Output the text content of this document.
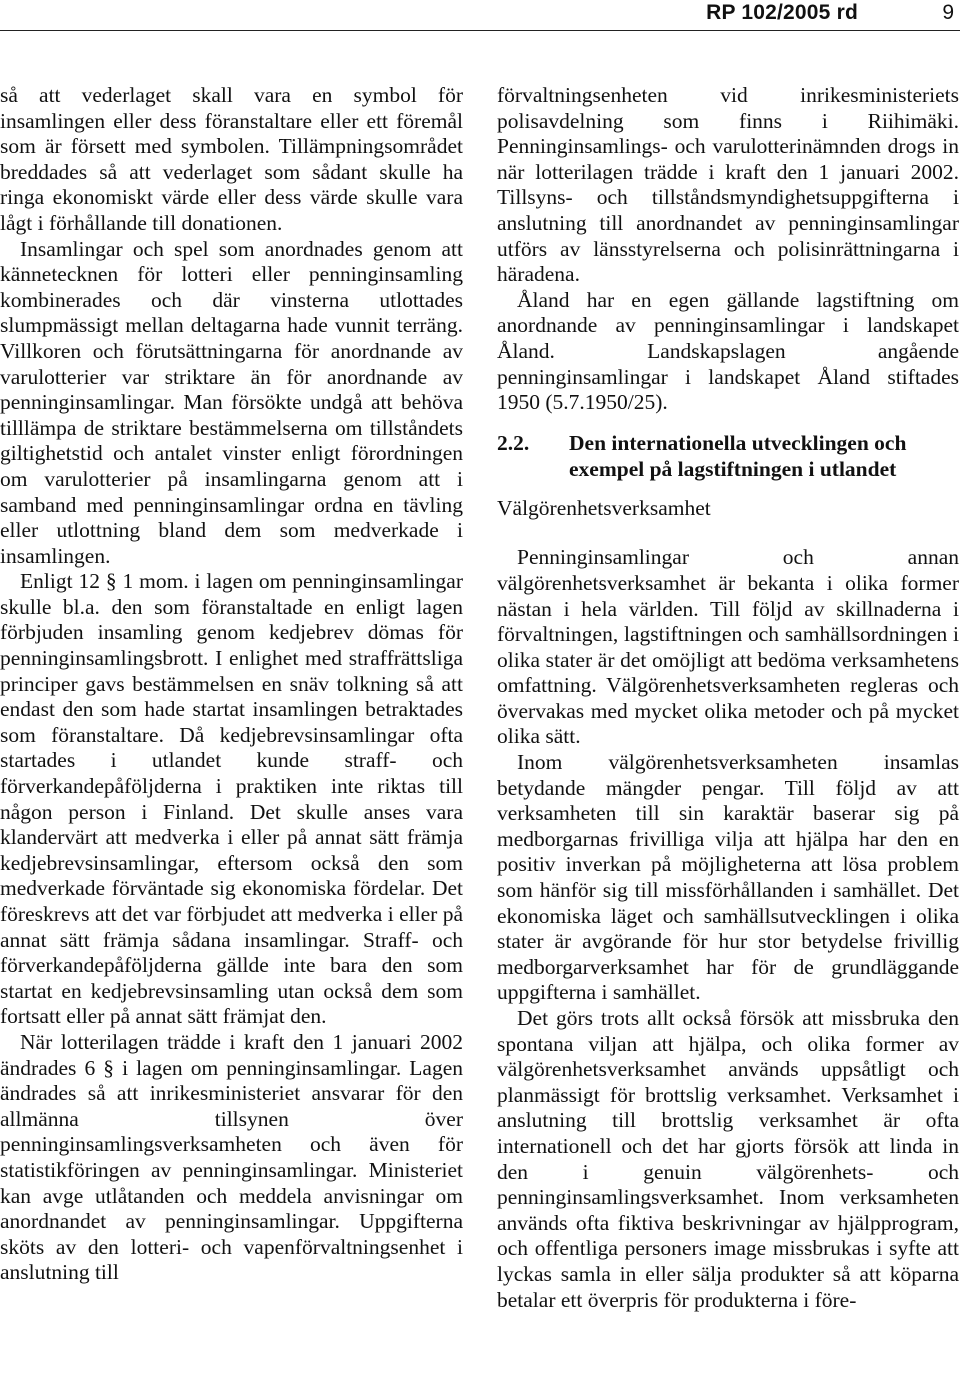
RP 102/2005 rd	9

så att vederlaget skall vara en symbol för insamlingen eller dess föranstaltare eller ett föremål som är försett med symbolen. Tillämpningsområdet breddades så att vederlaget som sådant skulle ha ringa ekonomiskt värde eller dess värde skulle vara lågt i förhållande till donationen.

Insamlingar och spel som anordnades genom att kännetecknen för lotteri eller penninginsamling kombinerades och där vinsterna utlottades slumpmässigt mellan deltagarna hade vunnit terräng. Villkoren och förutsättningarna för anordnande av varulotterier var striktare än för anordnande av penninginsamlingar. Man försökte undgå att behöva tilllämpa de striktare bestämmelserna om tillståndets giltighetstid och antalet vinster enligt förordningen om varulotterier på insamlingarna genom att i samband med penninginsamlingar ordna en tävling eller utlottning bland dem som medverkade i insamlingen.

Enligt 12 § 1 mom. i lagen om penninginsamlingar skulle bl.a. den som föranstaltade en enligt lagen förbjuden insamling genom kedjebrev dömas för penninginsamlingsbrott. I enlighet med straffrättsliga principer gavs bestämmelsen en snäv tolkning så att endast den som hade startat insamlingen betraktades som föranstaltare. Då kedjebrevsinsamlingar ofta startades i utlandet kunde straff- och förverkandepåföljderna i praktiken inte riktas till någon person i Finland. Det skulle anses vara klandervärt att medverka i eller på annat sätt främja kedjebrevsinsamlingar, eftersom också den som medverkade förväntade sig ekonomiska fördelar. Det föreskrevs att det var förbjudet att medverka i eller på annat sätt främja sådana insamlingar. Straff- och förverkandepåföljderna gällde inte bara den som startat en kedjebrevsinsamling utan också dem som fortsatt eller på annat sätt främjat den.

När lotterilagen trädde i kraft den 1 januari 2002 ändrades 6 § i lagen om penninginsamlingar. Lagen ändrades så att inrikesministeriet ansvarar för den allmänna tillsynen över penninginsamlingsverksamheten och även för statistikföringen av penninginsamlingar. Ministeriet kan avge utlåtanden och meddela anvisningar om anordnandet av penninginsamlingar. Uppgifterna sköts av den lotteri- och vapenförvaltningsenhet i anslutning till

förvaltningsenheten vid inrikesministeriets polisavdelning som finns i Riihimäki. Penninginsamlings- och varulotterinämnden drogs in när lotterilagen trädde i kraft den 1 januari 2002. Tillsyns- och tillståndsmyndighetsuppgifterna i anslutning till anordnandet av penninginsamlingar utförs av länsstyrelserna och polisinrättningarna i häradena.

Åland har en egen gällande lagstiftning om anordnande av penninginsamlingar i landskapet Åland. Landskapslagen angående penninginsamlingar i landskapet Åland stiftades 1950 (5.7.1950/25).

2.2.	Den internationella utvecklingen och exempel på lagstiftningen i utlandet
Välgörenhetsverksamhet

Penninginsamlingar och annan välgörenhetsverksamhet är bekanta i olika former nästan i hela världen. Till följd av skillnaderna i förvaltningen, lagstiftningen och samhällsordningen i olika stater är det omöjligt att bedöma verksamhetens omfattning. Välgörenhetsverksamheten regleras och övervakas med mycket olika metoder och på mycket olika sätt.

Inom välgörenhetsverksamheten insamlas betydande mängder pengar. Till följd av att verksamheten till sin karaktär baserar sig på medborgarnas frivilliga vilja att hjälpa har den en positiv inverkan på möjligheterna att lösa problem som hänför sig till missförhållanden i samhället. Det ekonomiska läget och samhällsutvecklingen i olika stater är avgörande för hur stor betydelse frivillig medborgarverksamhet har för de grundläggande uppgifterna i samhället.

Det görs trots allt också försök att missbruka den spontana viljan att hjälpa, och olika former av välgörenhetsverksamhet används uppsåtligt och planmässigt för brottslig verksamhet. Verksamhet i anslutning till brottslig verksamhet är ofta internationell och det har gjorts försök att linda in den i genuin välgörenhets- och penninginsamlingsverksamhet. Inom verksamheten används ofta fiktiva beskrivningar av hjälpprogram, och offentliga personers image missbrukas i syfte att lyckas samla in eller sälja produkter så att köparna betalar ett överpris för produkterna i före-
